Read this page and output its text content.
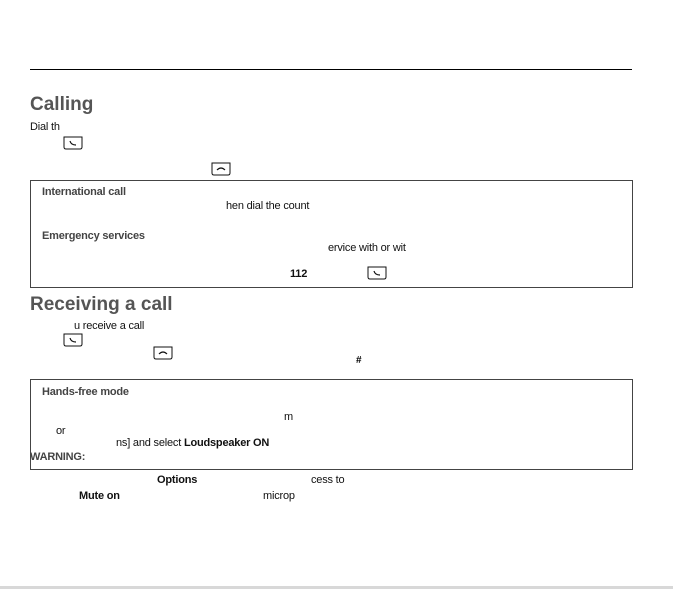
Calling
Dial th
International call
hen dial the count
Emergency services
ervice with or wit
112
Receiving a call
u receive a call
#
Hands-free mode
m
or
ns] and select Loudspeaker ON
WARNING:
Options	cess to
Mute on	microp
